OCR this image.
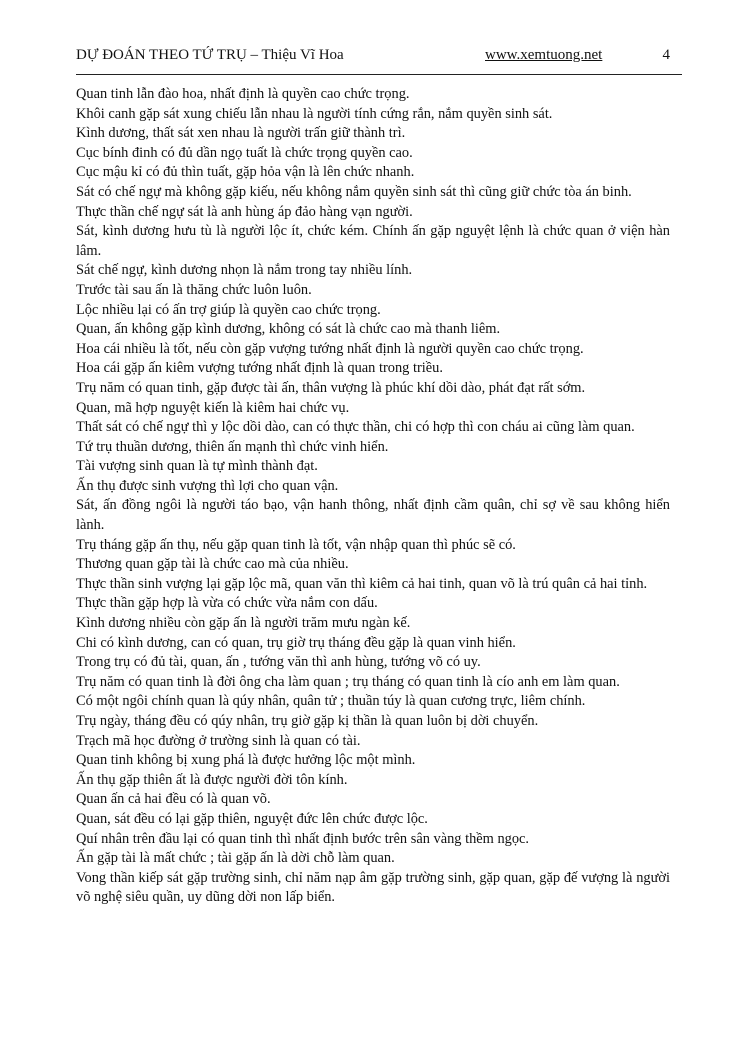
DỰ ĐOÁN THEO TỨ TRỤ – Thiệu Vĩ Hoa	www.xemtuong.net	4

Quan tinh lẫn đào hoa, nhất định là quyền cao chức trọng.

Khôi canh gặp sát xung chiếu lẫn nhau là người tính cứng rắn, nắm quyền sinh sát.

Kình dương, thất sát xen nhau là người trấn giữ thành trì.

Cục bính đinh có đủ dần ngọ tuất là chức trọng quyền cao.

Cục mậu kỉ có đủ thìn tuất, gặp hỏa vận là lên chức nhanh.

Sát có chế ngự mà không gặp kiếu, nếu không nắm quyền sinh sát thì cũng giữ chức tòa án binh.

Thực thần chế ngự sát là anh hùng áp đảo hàng vạn người.

Sát, kình dương hưu tù là người lộc ít, chức kém. Chính ấn gặp nguyệt lệnh là chức quan ở viện hàn lâm.

Sát chế ngự, kình dương nhọn là nắm trong tay nhiều lính.

Trước tài sau ấn là thăng chức luôn luôn.

Lộc nhiều lại có ấn trợ giúp là quyền cao chức trọng.

Quan, ấn không gặp kình dương, không có sát là chức cao mà thanh liêm.

Hoa cái nhiều là tốt, nếu còn gặp vượng tướng nhất định là người quyền cao chức trọng.

Hoa cái gặp ấn kiêm vượng tướng nhất định là quan trong triều.

Trụ năm có quan tinh, gặp được tài ấn, thân vượng là phúc khí dồi dào, phát đạt rất sớm.

Quan, mã hợp nguyệt kiến là kiêm hai chức vụ.

Thất sát có chế ngự thì y lộc dồi dào, can có thực thần, chi có hợp thì con cháu ai cũng làm quan.

Tứ trụ thuần dương, thiên ấn mạnh thì chức vinh hiển.

Tài vượng sinh quan là tự mình thành đạt.

Ấn thụ được sinh vượng thì lợi cho quan vận.

Sát, ấn đồng ngôi là người táo bạo, vận hanh thông, nhất định cầm quân, chỉ sợ về sau không hiển lành.

Trụ tháng gặp ấn thụ, nếu gặp quan tinh là tốt, vận nhập quan thì phúc sẽ có.

Thương quan gặp tài là chức cao mà của nhiều.

Thực thần sinh vượng lại gặp lộc mã, quan văn thì kiêm cả hai tinh, quan võ là trú quân cả hai tỉnh.

Thực thần gặp hợp là vừa có chức vừa nắm con dấu.

Kình dương nhiều còn gặp ấn là người trăm mưu ngàn kế.

Chi có kình dương, can có quan, trụ giờ trụ tháng đều gặp là quan vinh hiển.

Trong trụ có đủ tài, quan, ấn , tướng văn thì anh hùng, tướng võ có uy.

Trụ năm có quan tinh là đời ông cha làm quan ; trụ tháng có quan tinh là cío anh em làm quan.

Có một ngôi chính quan là qúy nhân, quân tử ; thuần túy là quan cương trực, liêm chính.

Trụ ngày, tháng đều có qúy nhân, trụ giờ gặp kị thần là quan luôn bị dời chuyển.

Trạch mã học đường ở trường sinh là quan có tài.

Quan tinh không bị xung phá là được hưởng lộc một mình.

Ấn thụ gặp thiên ất là được người đời tôn kính.

Quan ấn cả hai đều có là quan võ.

Quan, sát đều có lại gặp thiên, nguyệt đức lên chức được lộc.

Quí nhân trên đầu lại có quan tinh thì nhất định bước trên sân vàng thềm ngọc.

Ấn gặp tài là mất chức ; tài gặp ấn là dời chỗ làm quan.

Vong thần kiếp sát gặp trường sinh, chỉ năm nạp âm gặp trường sinh, gặp quan, gặp đế vượng là người võ nghệ siêu quần, uy dũng dời non lấp biển.
